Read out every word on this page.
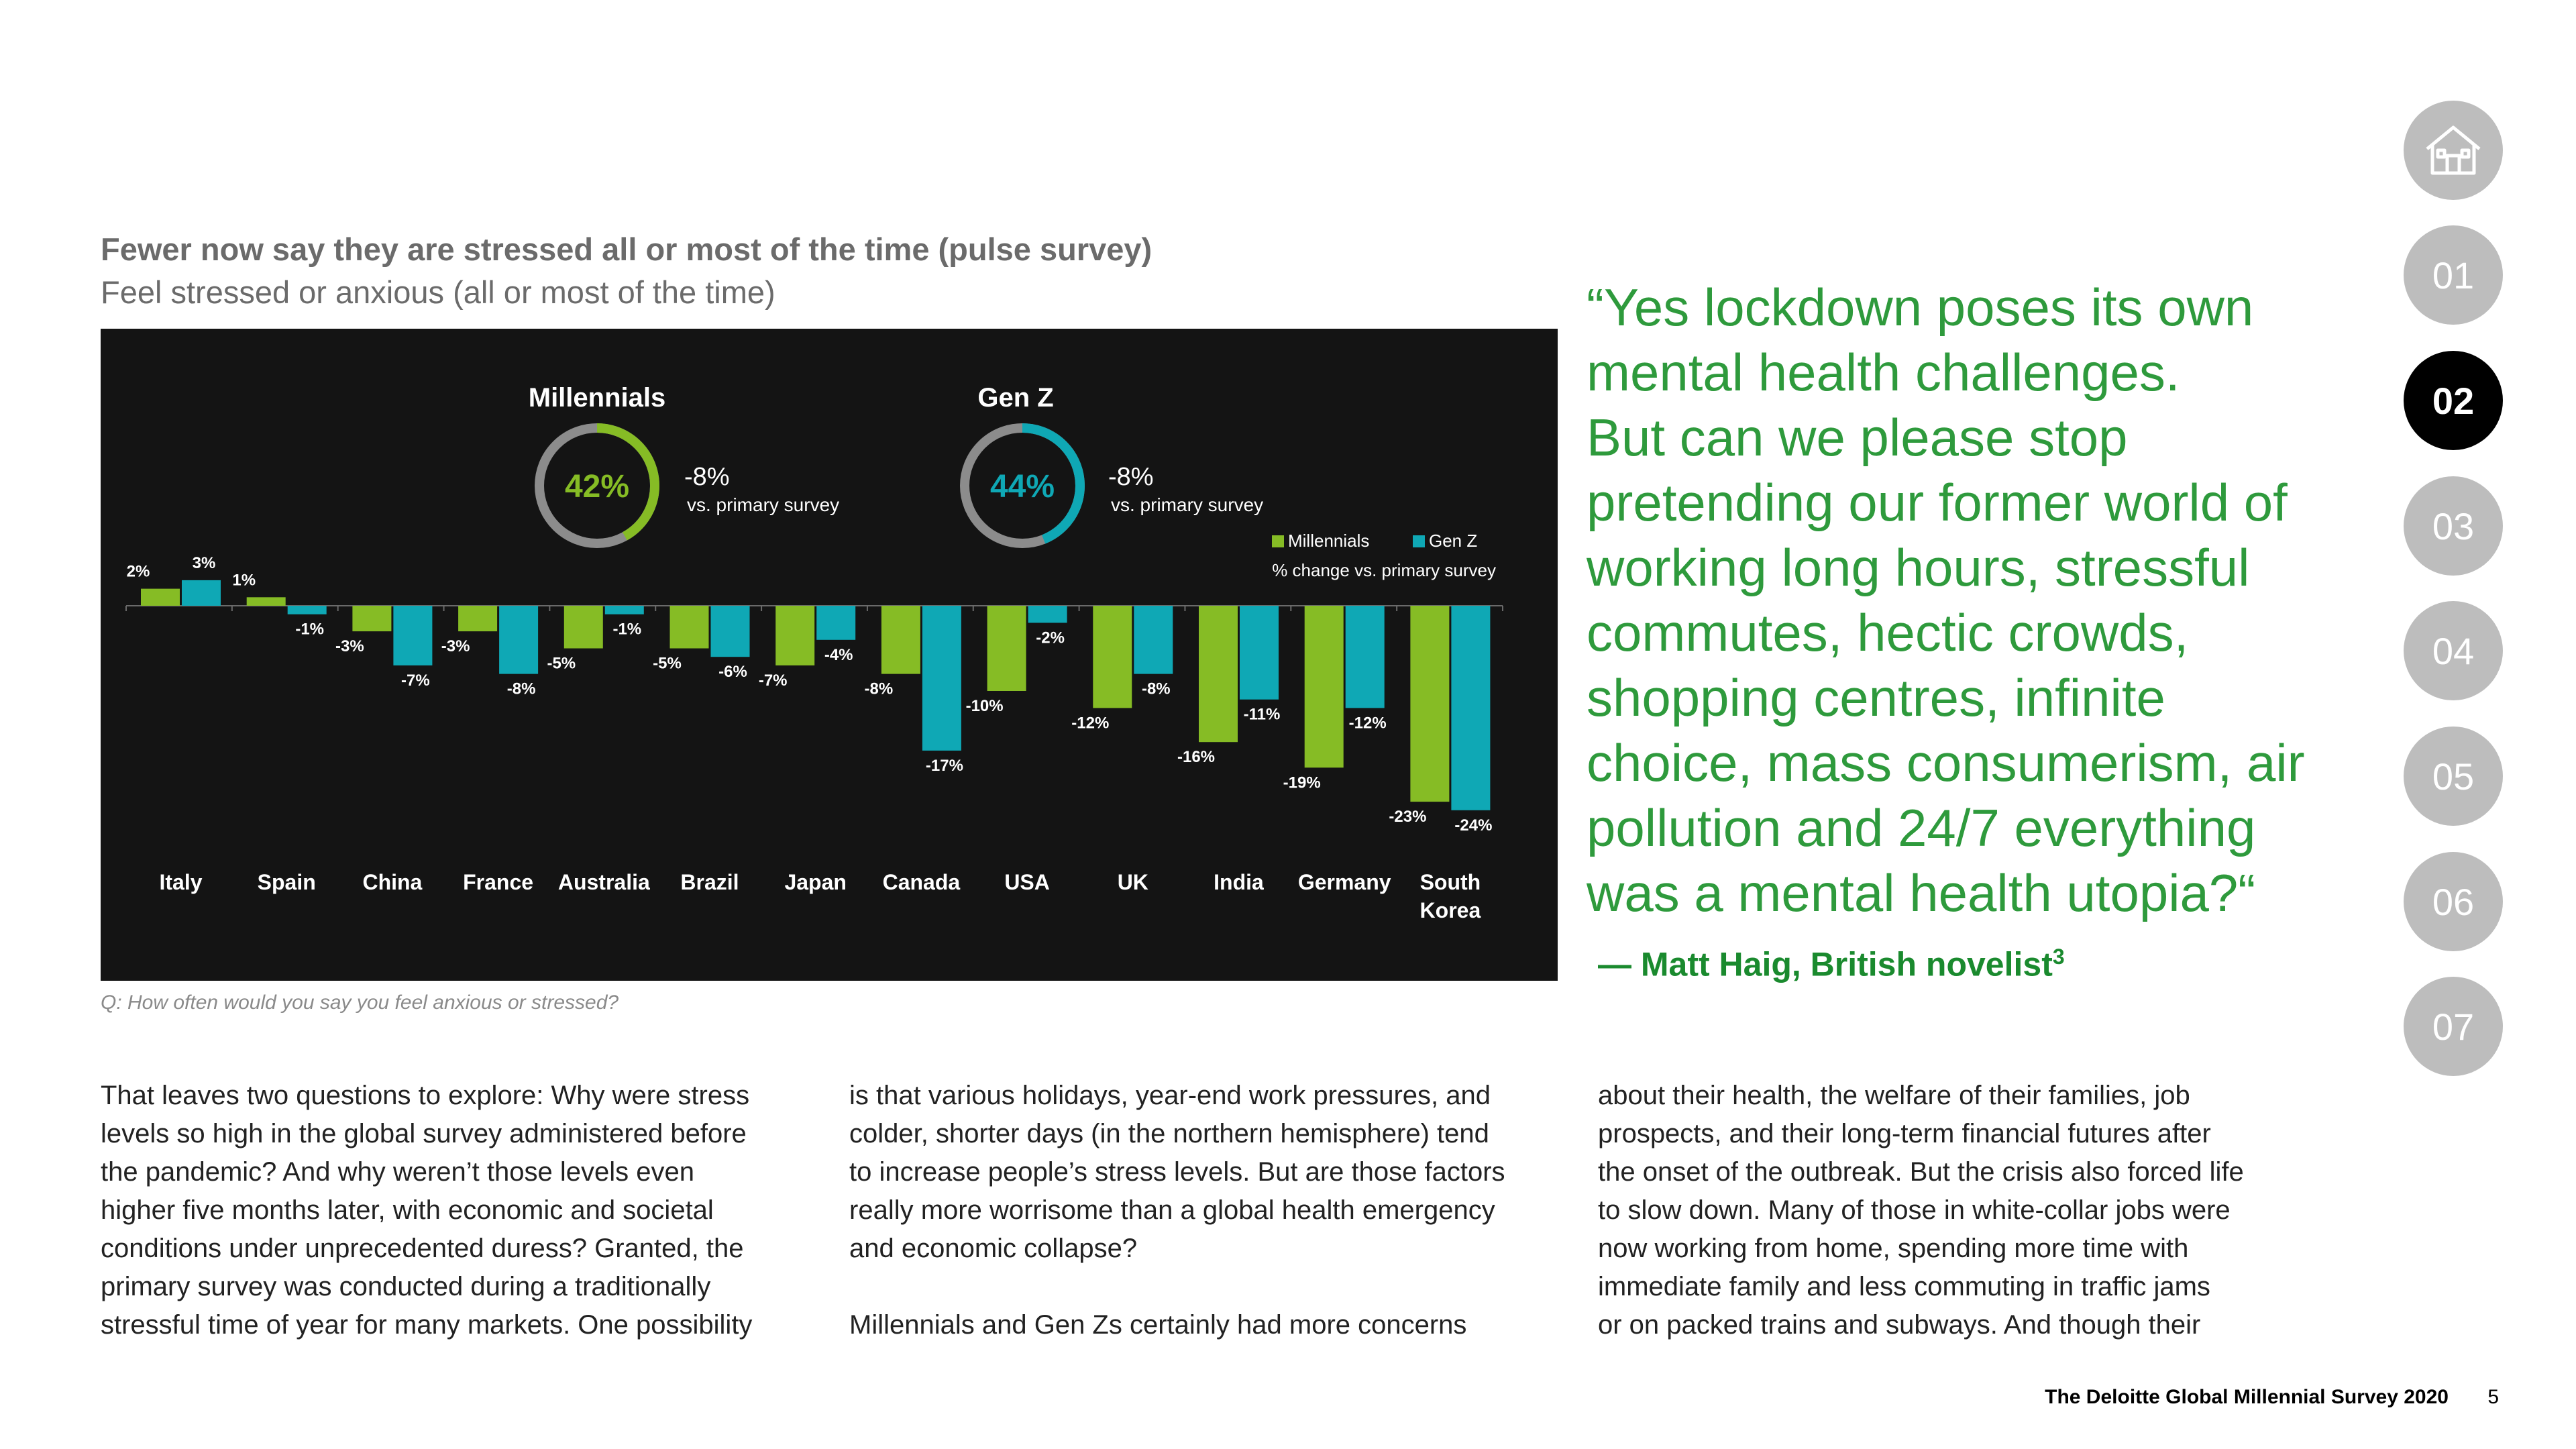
Fewer now say they are stressed all or most of the time (pulse survey)
Feel stressed or anxious (all or most of the time)
2%	3%
Italy
1%
-1%
Spain
-3%
-7%
China
-3%
-8%
France
-5%
-1%
Australia
-5% -6%
Brazil
-7%
-4%
Japan
-8%
-17%
Canada
-10%
-2%
USA
-12%
-8%
UK
-16%
-11%
India
-19%
-12%
Germany
-23% -24%
South
Korea
Millennials
42% -8%
vs. primary survey
Gen Z
44% -8%
vs. primary survey
Millennials	Gen Z
% change vs. primary survey
Q: How often would you say you feel anxious or stressed?

That leaves two questions to explore: Why were stress
levels so high in the global survey administered before
the pandemic? And why weren’t those levels even
higher five months later, with economic and societal
conditions under unprecedented duress? Granted, the
primary survey was conducted during a traditionally
stressful time of year for many markets. One possibility

is that various holidays, year-end work pressures, and
colder, shorter days (in the northern hemisphere) tend
to increase people’s stress levels. But are those factors
really more worrisome than a global health emergency
and economic collapse?

Millennials and Gen Zs certainly had more concerns

about their health, the welfare of their families, job
prospects, and their long-term financial futures after
the onset of the outbreak. But the crisis also forced life
to slow down. Many of those in white-collar jobs were
now working from home, spending more time with
immediate family and less commuting in traffic jams
or on packed trains and subways. And though their

“Yes lockdown poses its own
mental health challenges.
But can we please stop
pretending our former world of
working long hours, stressful
commutes, hectic crowds,
shopping centres, infinite
choice, mass consumerism, air
pollution and 24/7 everything
was a mental health utopia?“
— Matt Haig, British novelist$^3$
01
02
03
04
05
06
07
The Deloitte Global Millennial Survey 2020 5
